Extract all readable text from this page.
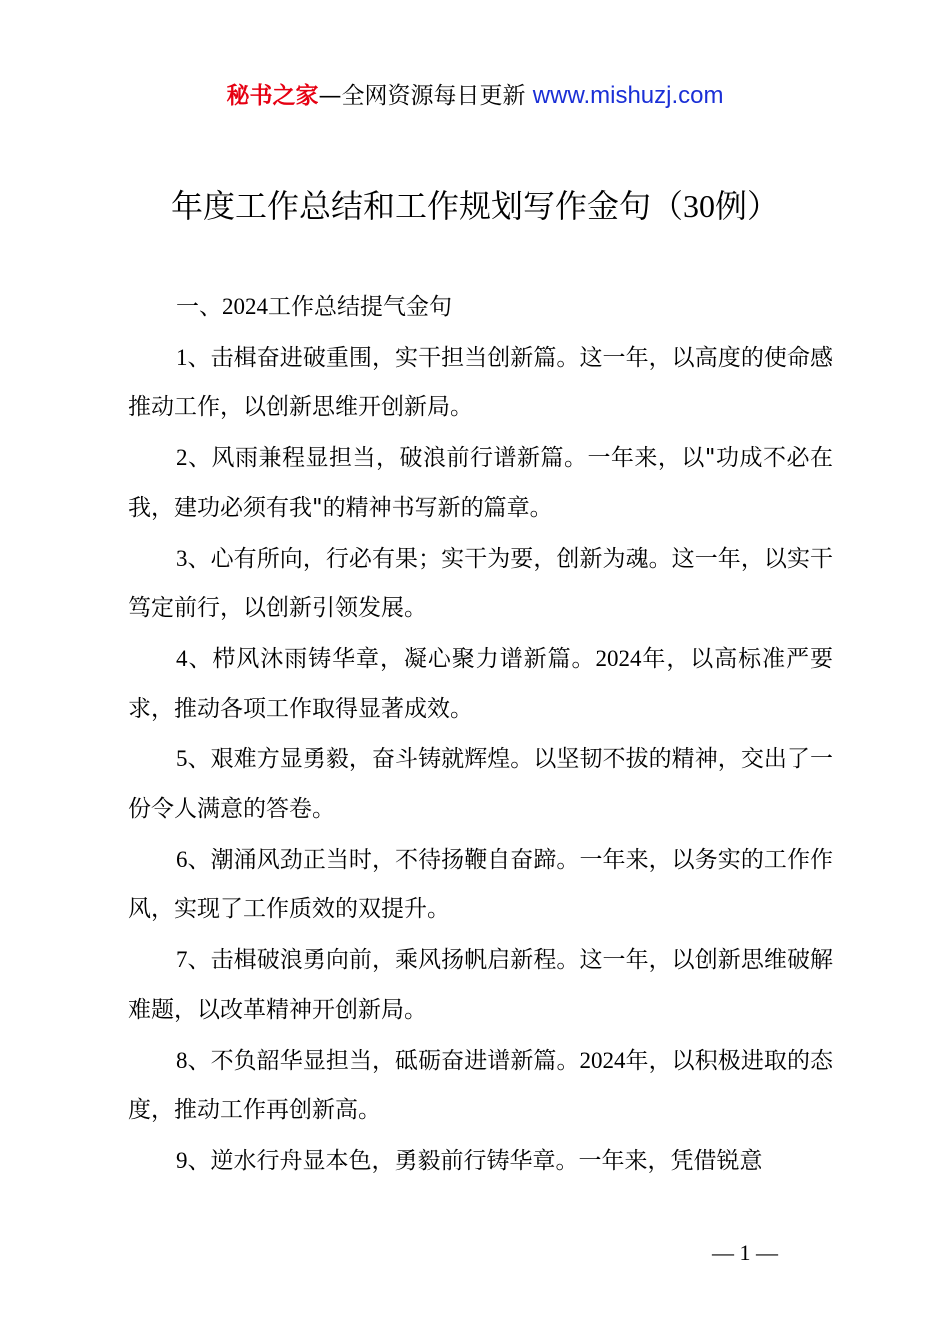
秘书之家—全网资源每日更新 www.mishuzj.com
年度工作总结和工作规划写作金句（30例）

一、2024工作总结提气金句

1、击楫奋进破重围，实干担当创新篇。这一年，以高度的使命感推动工作，以创新思维开创新局。

2、风雨兼程显担当，破浪前行谱新篇。一年来，以"功成不必在我，建功必须有我"的精神书写新的篇章。

3、心有所向，行必有果；实干为要，创新为魂。这一年，以实干笃定前行，以创新引领发展。

4、栉风沐雨铸华章，凝心聚力谱新篇。2024年，以高标准严要求，推动各项工作取得显著成效。

5、艰难方显勇毅，奋斗铸就辉煌。以坚韧不拔的精神，交出了一份令人满意的答卷。

6、潮涌风劲正当时，不待扬鞭自奋蹄。一年来，以务实的工作作风，实现了工作质效的双提升。

7、击楫破浪勇向前，乘风扬帆启新程。这一年，以创新思维破解难题，以改革精神开创新局。

8、不负韶华显担当，砥砺奋进谱新篇。2024年，以积极进取的态度，推动工作再创新高。

9、逆水行舟显本色，勇毅前行铸华章。一年来，凭借锐意

— 1 —
